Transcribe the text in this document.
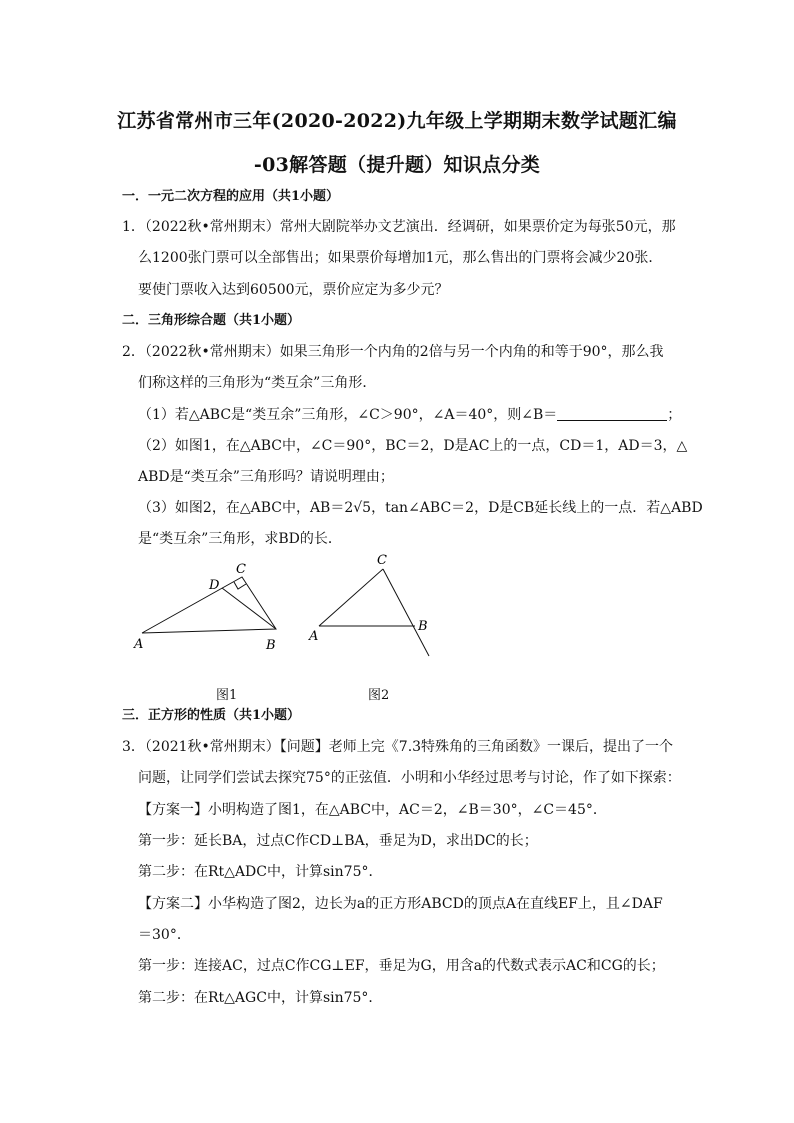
江苏省常州市三年(2020-2022)九年级上学期期末数学试题汇编
-03解答题（提升题）知识点分类
一．一元二次方程的应用（共1小题）
1．（2022秋•常州期末）常州大剧院举办文艺演出．经调研，如果票价定为每张50元，那
么1200张门票可以全部售出；如果票价每增加1元，那么售出的门票将会减少20张．
要使门票收入达到60500元，票价应定为多少元？
二．三角形综合题（共1小题）
2．（2022秋•常州期末）如果三角形一个内角的2倍与另一个内角的和等于90°，那么我
们称这样的三角形为“类互余”三角形．
（1）若△ABC是“类互余”三角形，∠C＞90°，∠A＝40°，则∠B＝	；
（2）如图1，在△ABC中，∠C＝90°，BC＝2，D是AC上的一点，CD＝1，AD＝3，△
ABD是“类互余”三角形吗？请说明理由；
（3）如图2，在△ABC中，AB＝2√5，tan∠ABC＝2，D是CB延长线上的一点．若△ABD
是“类互余”三角形，求BD的长．
A	B
C
D
图1
A
B
C
图2
三．正方形的性质（共1小题）
3．（2021秋•常州期末）【问题】老师上完《7.3特殊角的三角函数》一课后，提出了一个
问题，让同学们尝试去探究75°的正弦值．小明和小华经过思考与讨论，作了如下探索：
【方案一】小明构造了图1，在△ABC中，AC＝2，∠B＝30°，∠C＝45°．
第一步：延长BA，过点C作CD⊥BA，垂足为D，求出DC的长；
第二步：在Rt△ADC中，计算sin75°．
【方案二】小华构造了图2，边长为a的正方形ABCD的顶点A在直线EF上，且∠DAF
＝30°．
第一步：连接AC，过点C作CG⊥EF，垂足为G，用含a的代数式表示AC和CG的长；
第二步：在Rt△AGC中，计算sin75°．
